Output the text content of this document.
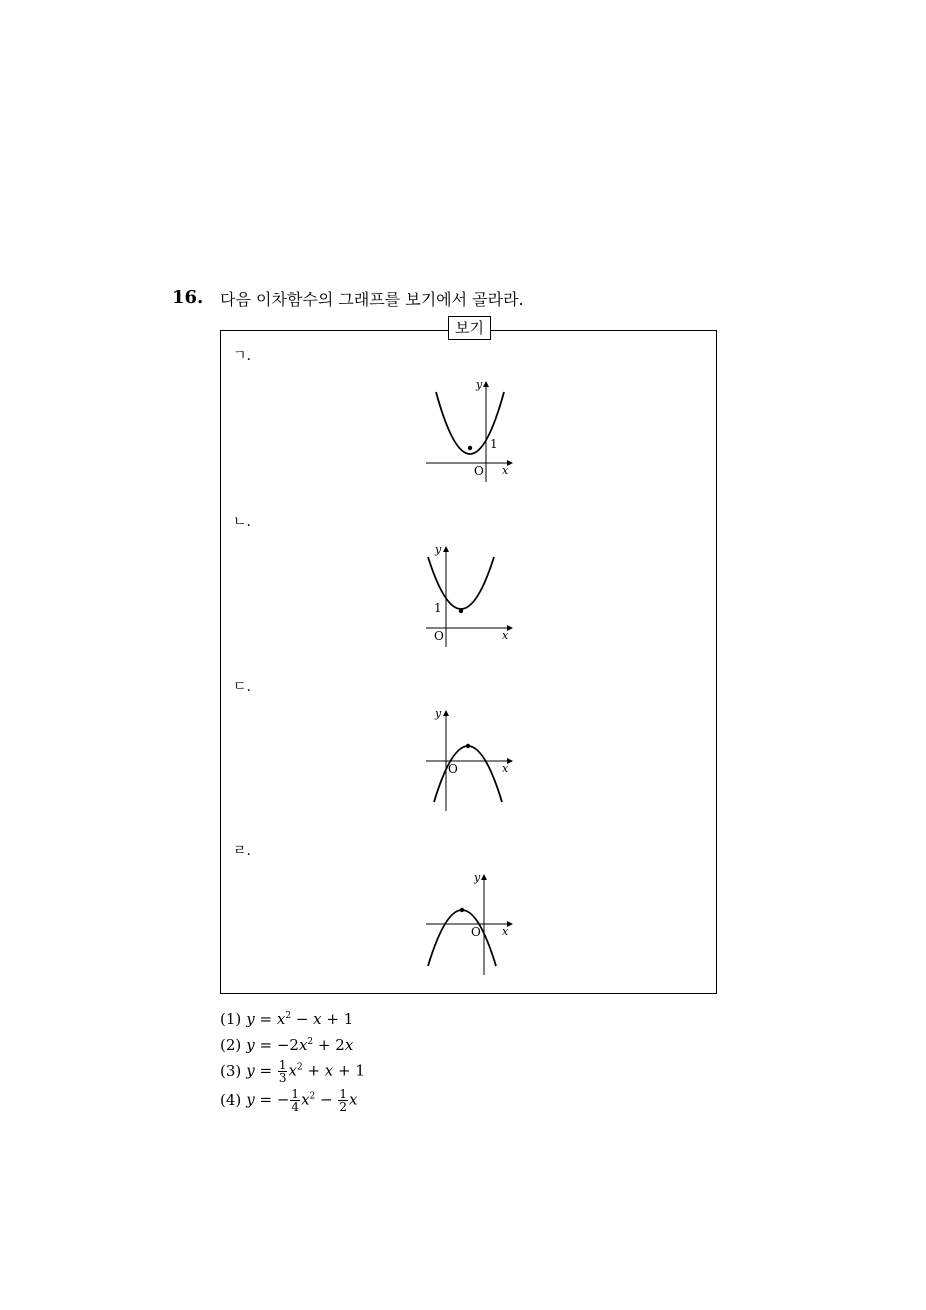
16. 다음 이차함수의 그래프를 보기에서 골라라.
보기
ㄱ.
y
x
O
1
ㄴ.
y
x
O
1
ㄷ.
y
x
O
ㄹ.
y
x
O
(1) $y = x^2 - x + 1$
(2) $y = -2x^2 + 2x$
(3) $y = \frac{1}{3} x^2 + x + 1$
(4) y = − $\frac{1}{4} x^2 - \frac{1}{2}$ x
